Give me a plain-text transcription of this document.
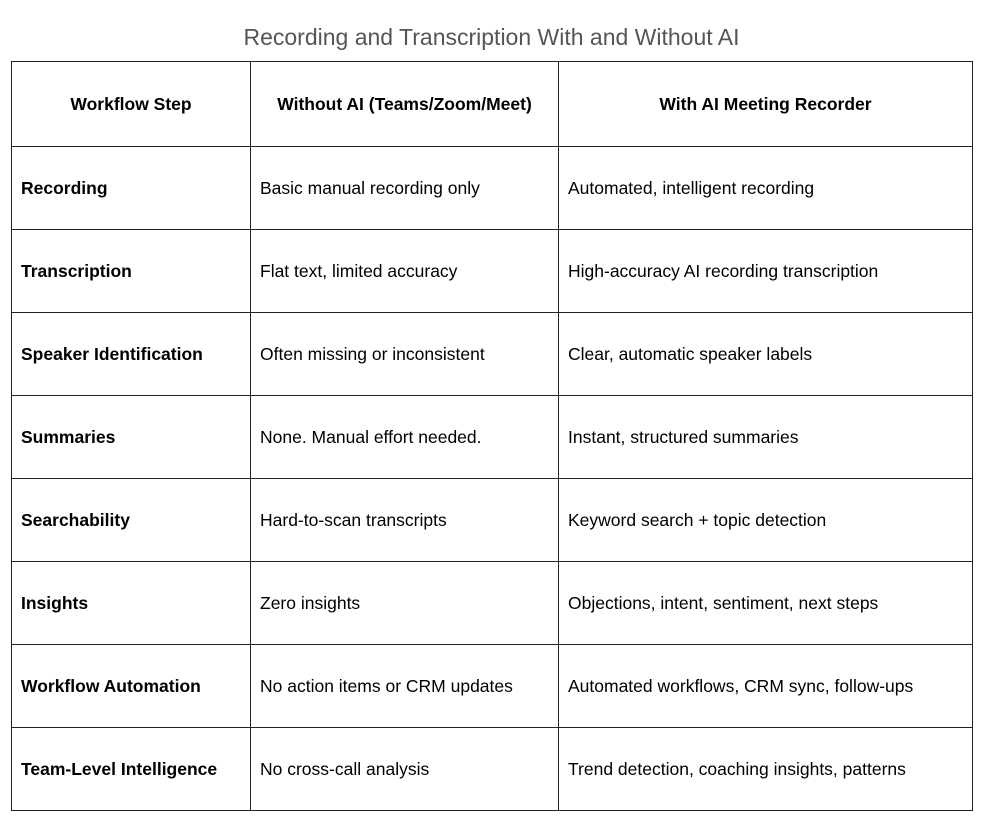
Recording and Transcription With and Without AI
Workflow Step	Without AI (Teams/Zoom/Meet)	With AI Meeting Recorder
Recording	Basic manual recording only	Automated, intelligent recording
Transcription	Flat text, limited accuracy	High-accuracy AI recording transcription
Speaker Identification	Often missing or inconsistent	Clear, automatic speaker labels
Summaries	None. Manual effort needed.	Instant, structured summaries
Searchability	Hard-to-scan transcripts	Keyword search + topic detection
Insights	Zero insights	Objections, intent, sentiment, next steps
Workflow Automation	No action items or CRM updates	Automated workflows, CRM sync, follow-ups
Team-Level Intelligence	No cross-call analysis	Trend detection, coaching insights, patterns
